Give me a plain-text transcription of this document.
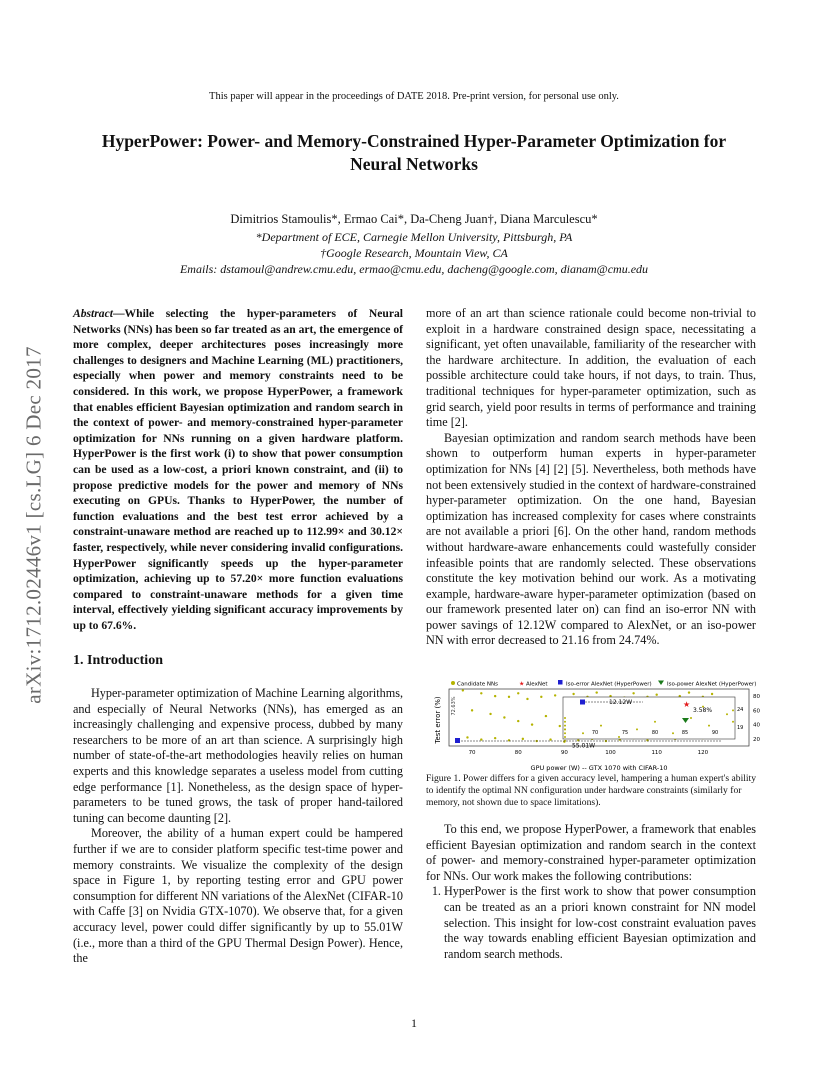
This paper will appear in the proceedings of DATE 2018. Pre-print version, for personal use only.
HyperPower: Power- and Memory-Constrained Hyper-Parameter Optimization for Neural Networks
Dimitrios Stamoulis*, Ermao Cai*, Da-Cheng Juan†, Diana Marculescu*
*Department of ECE, Carnegie Mellon University, Pittsburgh, PA
†Google Research, Mountain View, CA
Emails: dstamoul@andrew.cmu.edu, ermao@cmu.edu, dacheng@google.com, dianam@cmu.edu
arXiv:1712.02446v1 [cs.LG] 6 Dec 2017

Abstract—While selecting the hyper-parameters of Neural Networks (NNs) has been so far treated as an art, the emergence of more complex, deeper architectures poses increasingly more challenges to designers and Machine Learning (ML) practitioners, especially when power and memory constraints need to be considered. In this work, we propose HyperPower, a framework that enables efficient Bayesian optimization and random search in the context of power- and memory-constrained hyper-parameter optimization for NNs running on a given hardware platform. HyperPower is the first work (i) to show that power consumption can be used as a low-cost, a priori known constraint, and (ii) to propose predictive models for the power and memory of NNs executing on GPUs. Thanks to HyperPower, the number of function evaluations and the best test error achieved by a constraint-unaware method are reached up to 112.99× and 30.12× faster, respectively, while never considering invalid configurations. HyperPower significantly speeds up the hyper-parameter optimization, achieving up to 57.20× more function evaluations compared to constraint-unaware methods for a given time interval, effectively yielding significant accuracy improvements by up to 67.6%.

1. Introduction

Hyper-parameter optimization of Machine Learning algorithms, and especially of Neural Networks (NNs), has emerged as an increasingly challenging and expensive process, dubbed by many researchers to be more of an art than science. A surprisingly high number of state-of-the-art methodologies heavily relies on human experts and this knowledge separates a useless model from cutting edge performance [1]. Nonetheless, as the design space of hyper-parameters to be tuned grows, the task of proper hand-tailored tuning can become daunting [2].

Moreover, the ability of a human expert could be hampered further if we are to consider platform specific test-time power and memory constraints. We visualize the complexity of the design space in Figure 1, by reporting testing error and GPU power consumption for different NN variations of the AlexNet (CIFAR-10 with Caffe [3] on Nvidia GTX-1070). We observe that, for a given accuracy level, power could differ significantly by up to 55.01W (i.e., more than a third of the GPU Thermal Design Power). Hence, the

more of an art than science rationale could become non-trivial to exploit in a hardware constrained design space, necessitating a significant, yet often unavailable, familiarity of the researcher with the hardware architecture. In addition, the evaluation of each possible architecture could take hours, if not days, to train. Thus, traditional techniques for hyper-parameter optimization, such as grid search, yield poor results in terms of performance and training time [2].

Bayesian optimization and random search methods have been shown to outperform human experts in hyper-parameter optimization for NNs [4] [2] [5]. Nevertheless, both methods have not been extensively studied in the context of hardware-constrained hyper-parameter optimization. On the one hand, Bayesian optimization has increased complexity for cases where constraints are not available a priori [6]. On the other hand, random methods without hardware-aware enhancements could wastefully consider infeasible points that are randomly selected. These observations constitute the key motivation behind our work. As a motivating example, hardware-aware hyper-parameter optimization (based on our framework presented later on) can find an iso-error NN with power savings of 12.12W compared to AlexNet, or an iso-power NN with error decreased to 21.16 from 24.74%.

Candidate NNs	★ AlexNet	Iso-error AlexNet (HyperPower)	Iso-power AlexNet (HyperPower)
Test error (%) 72.63%
70	80	90	100	110	120
80
60
40
20
GPU power (W) -- GTX 1070 with CIFAR-10
70	75	80	85	90
24
19
12.12W
3.58%
55.01W
★
Figure 1. Power differs for a given accuracy level, hampering a human expert's ability to identify the optimal NN configuration under hardware constraints (similarly for memory, not shown due to space limitations).

To this end, we propose HyperPower, a framework that enables efficient Bayesian optimization and random search in the context of power- and memory-constrained hyper-parameter optimization for NNs. Our work makes the following contributions:

1. HyperPower is the first work to show that power consumption can be treated as an a priori known constraint for NN model selection. This insight for low-cost constraint evaluation paves the way towards enabling efficient Bayesian optimization and random search methods.
1
